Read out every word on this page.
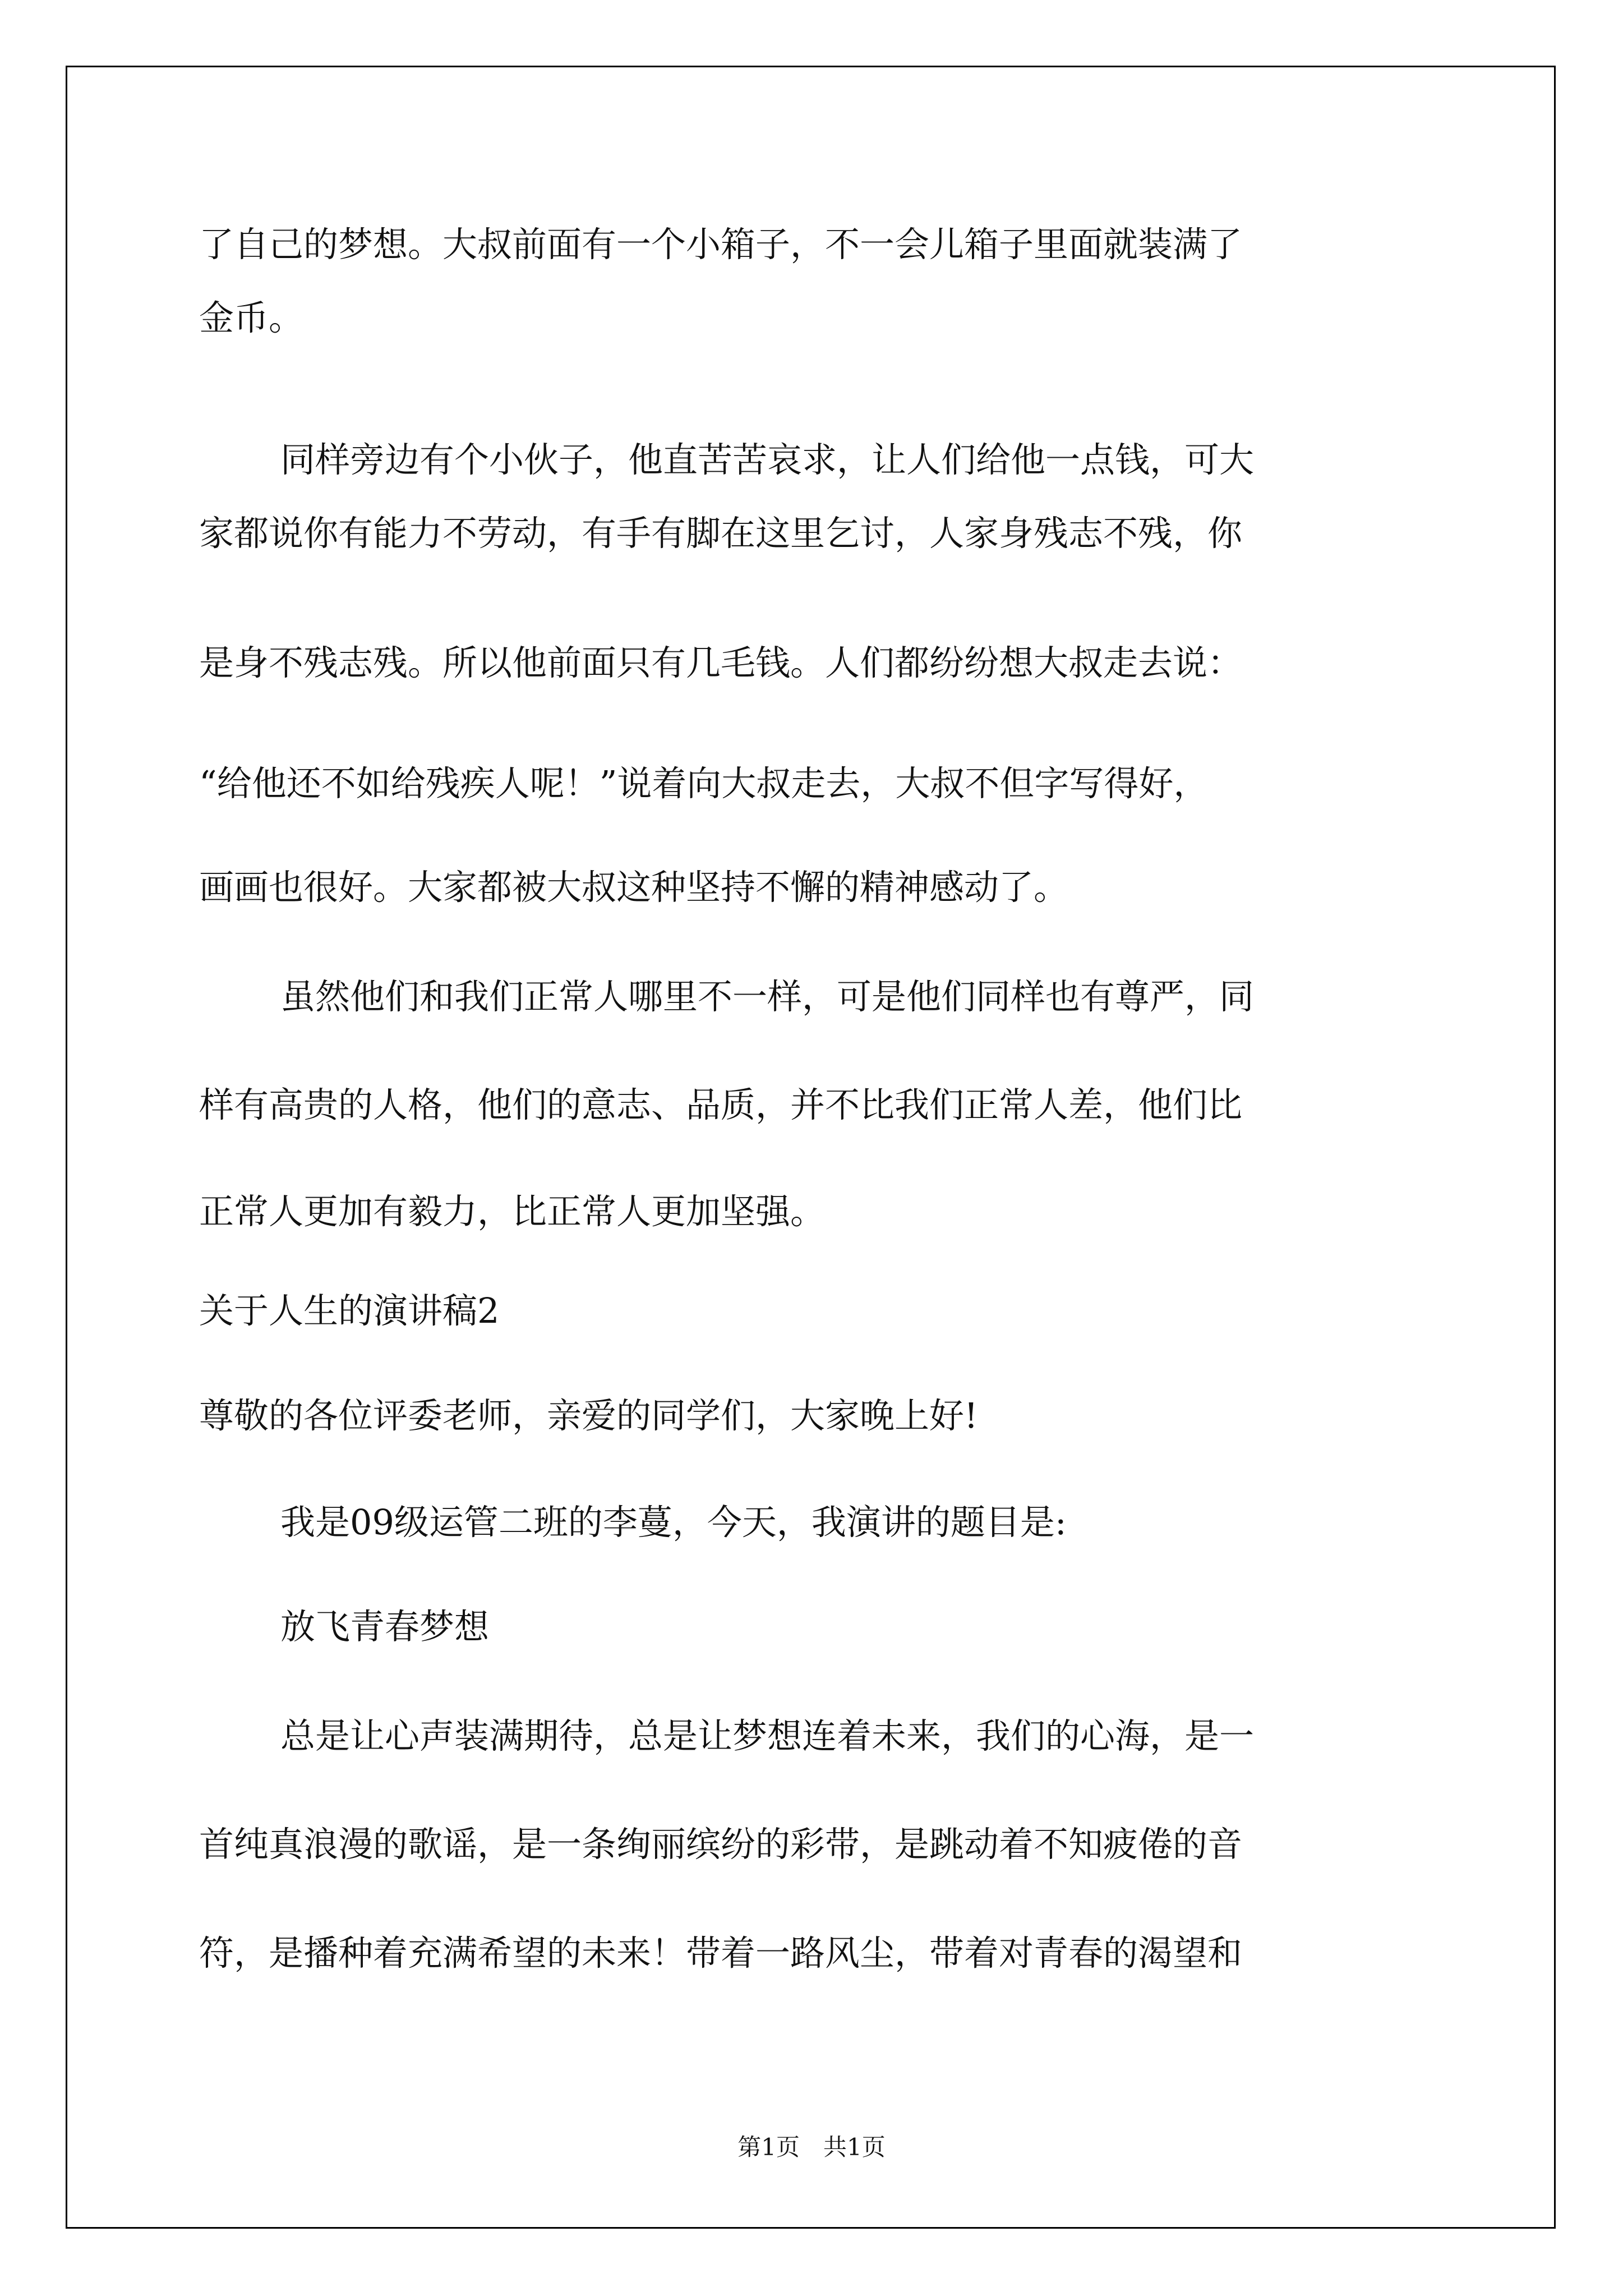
了自己的梦想。大叔前面有一个小箱子，不一会儿箱子里面就装满了

金币。

同样旁边有个小伙子，他直苦苦哀求，让人们给他一点钱，可大

家都说你有能力不劳动，有手有脚在这里乞讨，人家身残志不残，你

是身不残志残。所以他前面只有几毛钱。人们都纷纷想大叔走去说：

“给他还不如给残疾人呢！”说着向大叔走去，大叔不但字写得好，

画画也很好。大家都被大叔这种坚持不懈的精神感动了。

虽然他们和我们正常人哪里不一样，可是他们同样也有尊严，同

样有高贵的人格，他们的意志、品质，并不比我们正常人差，他们比

正常人更加有毅力，比正常人更加坚强。

关于人生的演讲稿2

尊敬的各位评委老师，亲爱的同学们，大家晚上好!

我是09级运管二班的李蔓，今天，我演讲的题目是:

放飞青春梦想

总是让心声装满期待，总是让梦想连着未来，我们的心海，是一

首纯真浪漫的歌谣，是一条绚丽缤纷的彩带，是跳动着不知疲倦的音

符，是播种着充满希望的未来！带着一路风尘，带着对青春的渴望和

第1页　共1页
